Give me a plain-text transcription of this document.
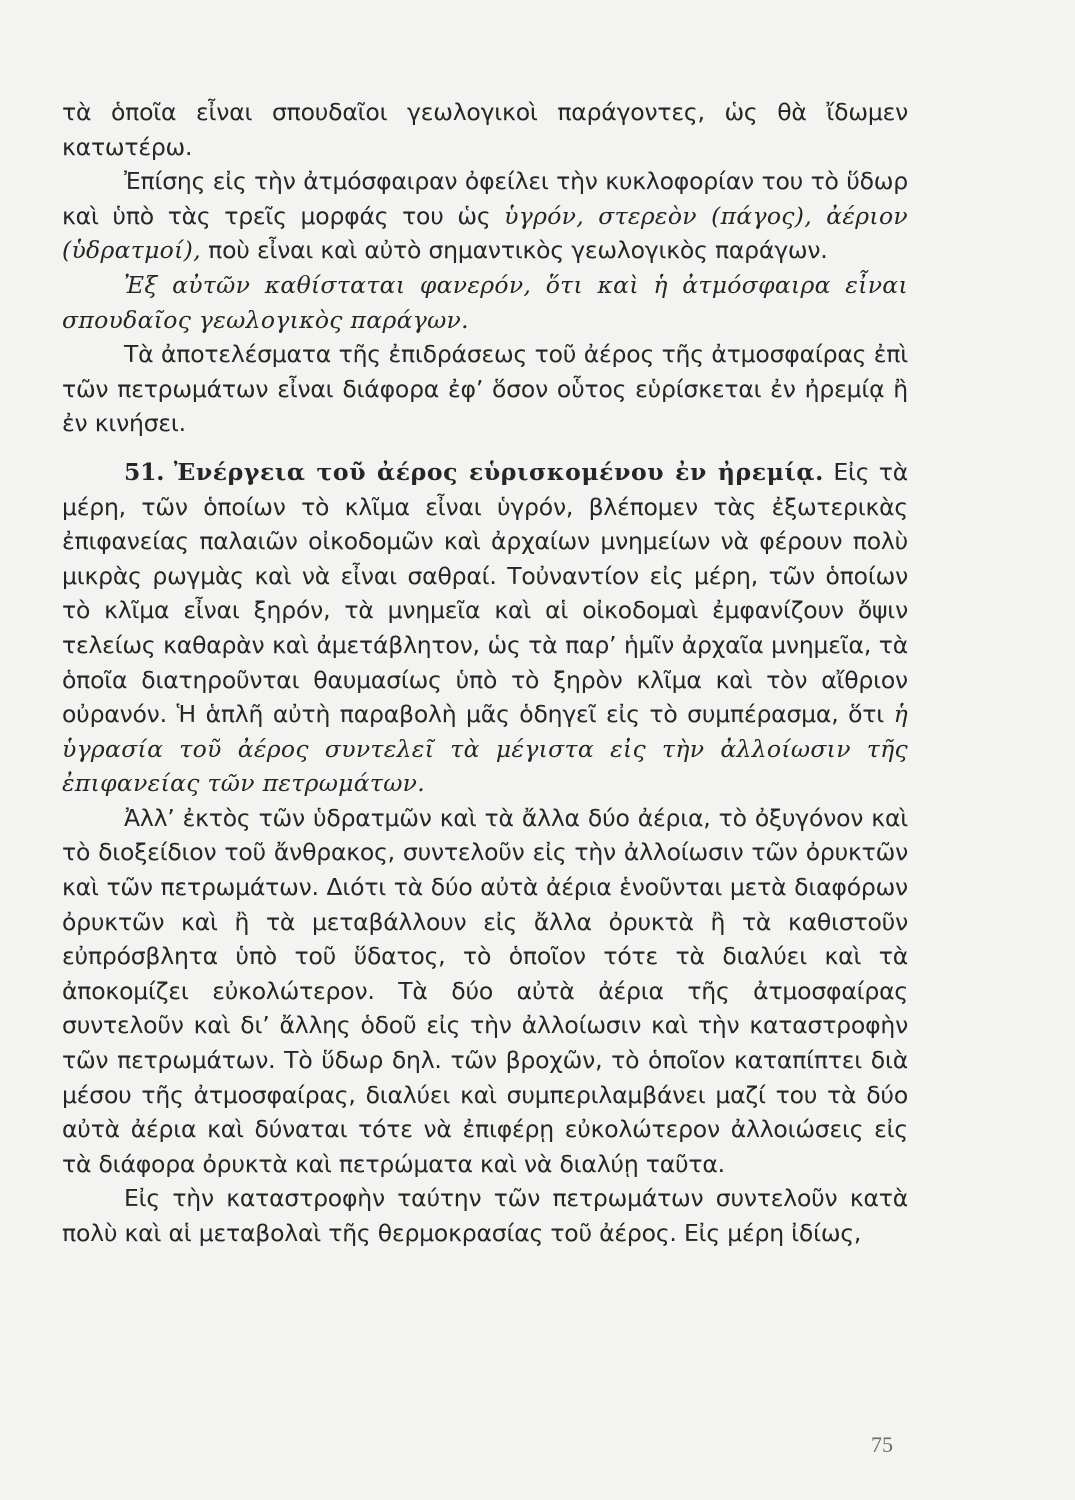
τὰ ὁποῖα εἶναι σπουδαῖοι γεωλογικοὶ παράγοντες, ὡς θὰ ἴδωμεν κατωτέρω.

Ἐπίσης εἰς τὴν ἀτμόσφαιραν ὀφείλει τὴν κυκλοφορίαν του τὸ ὕδωρ καὶ ὑπὸ τὰς τρεῖς μορφάς του ὡς ὑγρόν, στερεὸν (πάγος), ἀέριον (ὑδρατμοί), ποὺ εἶναι καὶ αὐτὸ σημαντικὸς γεωλογικὸς παράγων.

Ἐξ αὐτῶν καθίσταται φανερόν, ὅτι καὶ ἡ ἀτμόσφαιρα εἶναι σπουδαῖος γεωλογικὸς παράγων.

Τὰ ἀποτελέσματα τῆς ἐπιδράσεως τοῦ ἀέρος τῆς ἀτμοσφαίρας ἐπὶ τῶν πετρωμάτων εἶναι διάφορα ἐφ’ ὅσον οὗτος εὑρίσκεται ἐν ἠρεμίᾳ ἢ ἐν κινήσει.

51. Ἐνέργεια τοῦ ἀέρος εὑρισκομένου ἐν ἠρεμίᾳ. Εἰς τὰ μέρη, τῶν ὁποίων τὸ κλῖμα εἶναι ὑγρόν, βλέπομεν τὰς ἐξωτερικὰς ἐπιφανείας παλαιῶν οἰκοδομῶν καὶ ἀρχαίων μνημείων νὰ φέρουν πολὺ μικρὰς ρωγμὰς καὶ νὰ εἶναι σαθραί. Τοὐναντίον εἰς μέρη, τῶν ὁποίων τὸ κλῖμα εἶναι ξηρόν, τὰ μνημεῖα καὶ αἱ οἰκοδομαὶ ἐμφανίζουν ὄψιν τελείως καθαρὰν καὶ ἀμετάβλητον, ὡς τὰ παρ’ ἡμῖν ἀρχαῖα μνημεῖα, τὰ ὁποῖα διατηροῦνται θαυμασίως ὑπὸ τὸ ξηρὸν κλῖμα καὶ τὸν αἴθριον οὐρανόν. Ἡ ἁπλῆ αὐτὴ παραβολὴ μᾶς ὁδηγεῖ εἰς τὸ συμπέρασμα, ὅτι ἡ ὑγρασία τοῦ ἀέρος συντελεῖ τὰ μέγιστα εἰς τὴν ἀλλοίωσιν τῆς ἐπιφανείας τῶν πετρωμάτων.

Ἀλλ’ ἐκτὸς τῶν ὑδρατμῶν καὶ τὰ ἄλλα δύο ἀέρια, τὸ ὀξυγόνον καὶ τὸ διοξείδιον τοῦ ἄνθρακος, συντελοῦν εἰς τὴν ἀλλοίωσιν τῶν ὀρυκτῶν καὶ τῶν πετρωμάτων. Διότι τὰ δύο αὐτὰ ἀέρια ἑνοῦνται μετὰ διαφόρων ὀρυκτῶν καὶ ἢ τὰ μεταβάλλουν εἰς ἄλλα ὀρυκτὰ ἢ τὰ καθιστοῦν εὐπρόσβλητα ὑπὸ τοῦ ὕδατος, τὸ ὁποῖον τότε τὰ διαλύει καὶ τὰ ἀποκομίζει εὐκολώτερον. Τὰ δύο αὐτὰ ἀέρια τῆς ἀτμοσφαίρας συντελοῦν καὶ δι’ ἄλλης ὁδοῦ εἰς τὴν ἀλλοίωσιν καὶ τὴν καταστροφὴν τῶν πετρωμάτων. Τὸ ὕδωρ δηλ. τῶν βροχῶν, τὸ ὁποῖον καταπίπτει διὰ μέσου τῆς ἀτμοσφαίρας, διαλύει καὶ συμπεριλαμβάνει μαζί του τὰ δύο αὐτὰ ἀέρια καὶ δύναται τότε νὰ ἐπιφέρῃ εὐκολώτερον ἀλλοιώσεις εἰς τὰ διάφορα ὀρυκτὰ καὶ πετρώματα καὶ νὰ διαλύῃ ταῦτα.

Εἰς τὴν καταστροφὴν ταύτην τῶν πετρωμάτων συντελοῦν κατὰ πολὺ καὶ αἱ μεταβολαὶ τῆς θερμοκρασίας τοῦ ἀέρος. Εἰς μέρη ἰδίως,

75
